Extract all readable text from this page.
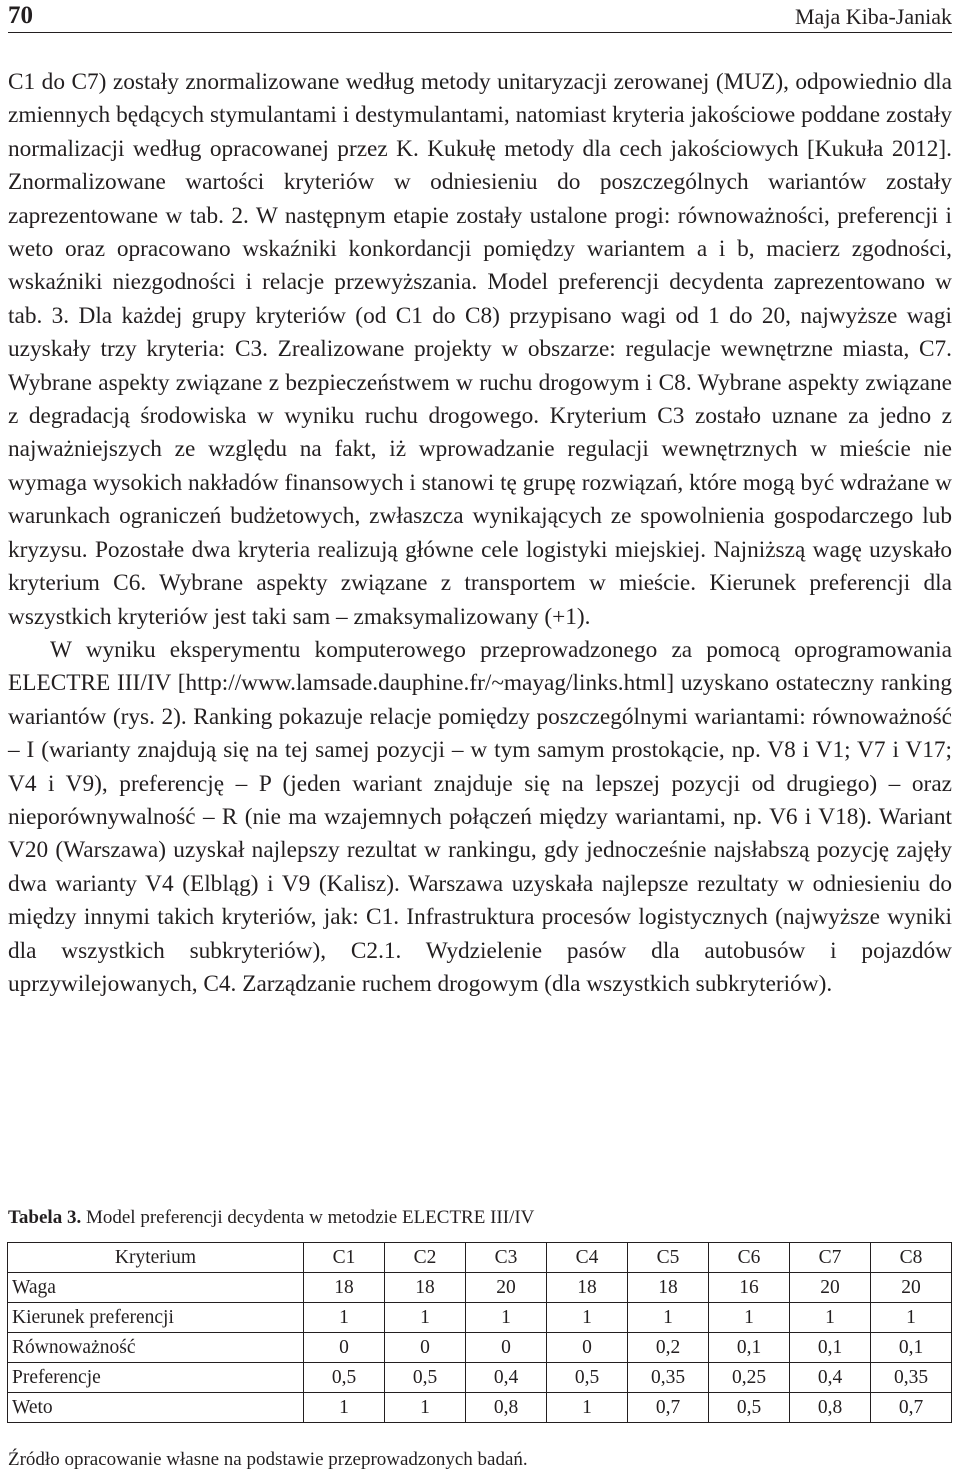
70	Maja Kiba-Janiak

C1 do C7) zostały znormalizowane według metody unitaryzacji zerowanej (MUZ), odpowiednio dla zmiennych będących stymulantami i destymulantami, natomiast kryteria jakościowe poddane zostały normalizacji według opracowanej przez K. Kukułę metody dla cech jakościowych [Kukuła 2012]. Znormalizowane wartości kryteriów w odniesieniu do poszczególnych wariantów zostały zaprezentowane w tab. 2. W następnym etapie zostały ustalone progi: równoważności, preferencji i weto oraz opracowano wskaźniki konkordancji pomiędzy wariantem a i b, macierz zgodności, wskaźniki niezgodności i relacje przewyższania. Model preferencji decydenta zaprezentowano w tab. 3. Dla każdej grupy kryteriów (od C1 do C8) przypisano wagi od 1 do 20, najwyższe wagi uzyskały trzy kryteria: C3. Zrealizowane projekty w obszarze: regulacje wewnętrzne miasta, C7. Wybrane aspekty związane z bezpieczeństwem w ruchu drogowym i C8. Wybrane aspekty związane z degradacją środowiska w wyniku ruchu drogowego. Kryterium C3 zostało uznane za jedno z najważniejszych ze względu na fakt, iż wprowadzanie regulacji wewnętrznych w mieście nie wymaga wysokich nakładów finansowych i stanowi tę grupę rozwiązań, które mogą być wdrażane w warunkach ograniczeń budżetowych, zwłaszcza wynikających ze spowolnienia gospodarczego lub kryzysu. Pozostałe dwa kryteria realizują główne cele logistyki miejskiej. Najniższą wagę uzyskało kryterium C6. Wybrane aspekty związane z transportem w mieście. Kierunek preferencji dla wszystkich kryteriów jest taki sam – zmaksymalizowany (+1).

W wyniku eksperymentu komputerowego przeprowadzonego za pomocą oprogramowania ELECTRE III/IV [http://www.lamsade.dauphine.fr/~mayag/links.html] uzyskano ostateczny ranking wariantów (rys. 2). Ranking pokazuje relacje pomiędzy poszczególnymi wariantami: równoważność – I (warianty znajdują się na tej samej pozycji – w tym samym prostokącie, np. V8 i V1; V7 i V17; V4 i V9), preferencję – P (jeden wariant znajduje się na lepszej pozycji od drugiego) – oraz nieporównywalność – R (nie ma wzajemnych połączeń między wariantami, np. V6 i V18). Wariant V20 (Warszawa) uzyskał najlepszy rezultat w rankingu, gdy jednocześnie najsłabszą pozycję zajęły dwa warianty V4 (Elbląg) i V9 (Kalisz). Warszawa uzyskała najlepsze rezultaty w odniesieniu do między innymi takich kryteriów, jak: C1. Infrastruktura procesów logistycznych (najwyższe wyniki dla wszystkich subkryteriów), C2.1. Wydzielenie pasów dla autobusów i pojazdów uprzywilejowanych, C4. Zarządzanie ruchem drogowym (dla wszystkich subkryteriów).

Tabela 3. Model preferencji decydenta w metodzie ELECTRE III/IV
Kryterium	C1	C2	C3	C4	C5	C6	C7	C8
Waga	18	18	20	18	18	16	20	20
Kierunek preferencji	1	1	1	1	1	1	1	1
Równoważność	0	0	0	0	0,2	0,1	0,1	0,1
Preferencje	0,5	0,5	0,4	0,5	0,35	0,25	0,4	0,35
Weto	1	1	0,8	1	0,7	0,5	0,8	0,7
Źródło opracowanie własne na podstawie przeprowadzonych badań.
